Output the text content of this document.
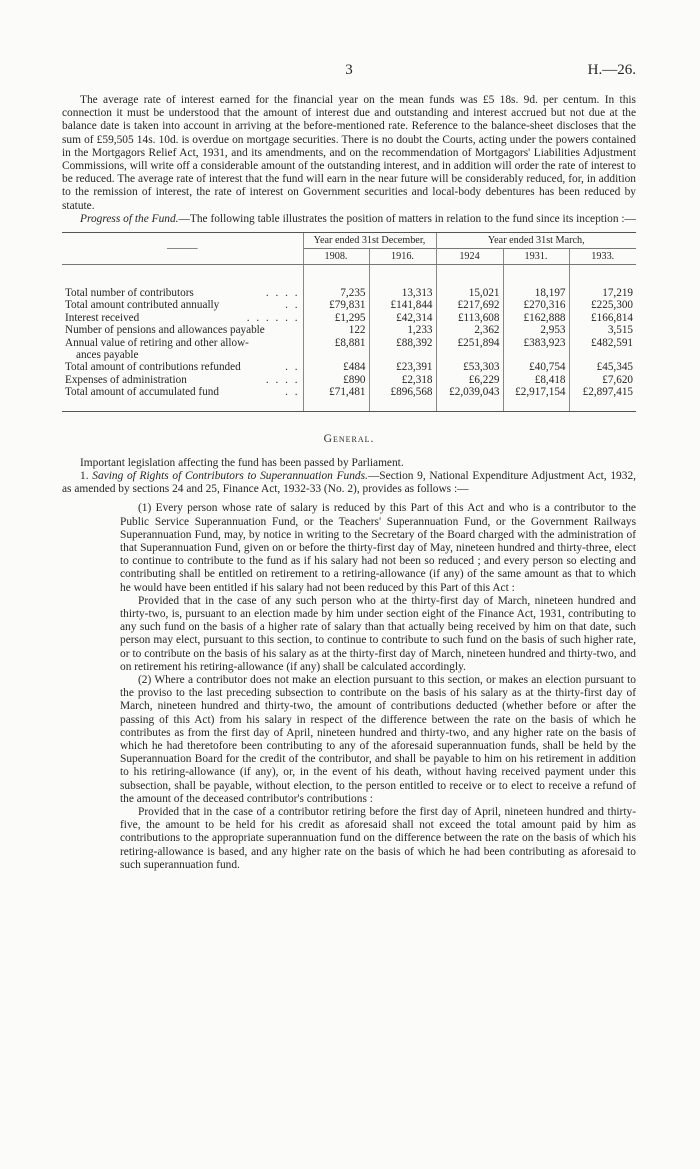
3	H.—26.

The average rate of interest earned for the financial year on the mean funds was £5 18s. 9d. per centum. In this connection it must be understood that the amount of interest due and outstanding and interest accrued but not due at the balance date is taken into account in arriving at the before-mentioned rate. Reference to the balance-sheet discloses that the sum of £59,505 14s. 10d. is overdue on mortgage securities. There is no doubt the Courts, acting under the powers contained in the Mortgagors Relief Act, 1931, and its amendments, and on the recommendation of Mortgagors' Liabilities Adjustment Commissions, will write off a considerable amount of the outstanding interest, and in addition will order the rate of interest to be reduced. The average rate of interest that the fund will earn in the near future will be considerably reduced, for, in addition to the remission of interest, the rate of interest on Government securities and local-body debentures has been reduced by statute.

Progress of the Fund.—The following table illustrates the position of matters in relation to the fund since its inception :—

———	Year ended 31st December,		Year ended 31st March,		
	1908.	1916.	1924	1931.	1933.

Total number of contributors . . . .	7,235	13,313	15,021	18,197	17,219
Total amount contributed annually . .	£79,831	£141,844	£217,692	£270,316	£225,300
Interest received . . . . . .	£1,295	£42,314	£113,608	£162,888	£166,814
Number of pensions and allowances payable	122	1,233	2,362	2,953	3,515
Annual value of retiring and other allow-	£8,881	£88,392	£251,894	£383,923	£482,591
ances payable					
Total amount of contributions refunded . .	£484	£23,391	£53,303	£40,754	£45,345
Expenses of administration . . . .	£890	£2,318	£6,229	£8,418	£7,620
Total amount of accumulated fund . .	£71,481	£896,568	£2,039,043	£2,917,154	£2,897,415

General.

Important legislation affecting the fund has been passed by Parliament.

1. Saving of Rights of Contributors to Superannuation Funds.—Section 9, National Expenditure Adjustment Act, 1932, as amended by sections 24 and 25, Finance Act, 1932-33 (No. 2), provides as follows :—

(1) Every person whose rate of salary is reduced by this Part of this Act and who is a contributor to the Public Service Superannuation Fund, or the Teachers' Superannuation Fund, or the Government Railways Superannuation Fund, may, by notice in writing to the Secretary of the Board charged with the administration of that Superannuation Fund, given on or before the thirty-first day of May, nineteen hundred and thirty-three, elect to continue to contribute to the fund as if his salary had not been so reduced ; and every person so electing and contributing shall be entitled on retirement to a retiring-allowance (if any) of the same amount as that to which he would have been entitled if his salary had not been reduced by this Part of this Act :

Provided that in the case of any such person who at the thirty-first day of March, nineteen hundred and thirty-two, is, pursuant to an election made by him under section eight of the Finance Act, 1931, contributing to any such fund on the basis of a higher rate of salary than that actually being received by him on that date, such person may elect, pursuant to this section, to continue to contribute to such fund on the basis of such higher rate, or to contribute on the basis of his salary as at the thirty-first day of March, nineteen hundred and thirty-two, and on retirement his retiring-allowance (if any) shall be calculated accordingly.

(2) Where a contributor does not make an election pursuant to this section, or makes an election pursuant to the proviso to the last preceding subsection to contribute on the basis of his salary as at the thirty-first day of March, nineteen hundred and thirty-two, the amount of contributions deducted (whether before or after the passing of this Act) from his salary in respect of the difference between the rate on the basis of which he contributes as from the first day of April, nineteen hundred and thirty-two, and any higher rate on the basis of which he had theretofore been contributing to any of the aforesaid superannuation funds, shall be held by the Superannuation Board for the credit of the contributor, and shall be payable to him on his retirement in addition to his retiring-allowance (if any), or, in the event of his death, without having received payment under this subsection, shall be payable, without election, to the person entitled to receive or to elect to receive a refund of the amount of the deceased contributor's contributions :

Provided that in the case of a contributor retiring before the first day of April, nineteen hundred and thirty-five, the amount to be held for his credit as aforesaid shall not exceed the total amount paid by him as contributions to the appropriate superannuation fund on the difference between the rate on the basis of which his retiring-allowance is based, and any higher rate on the basis of which he had been contributing as aforesaid to such superannuation fund.
